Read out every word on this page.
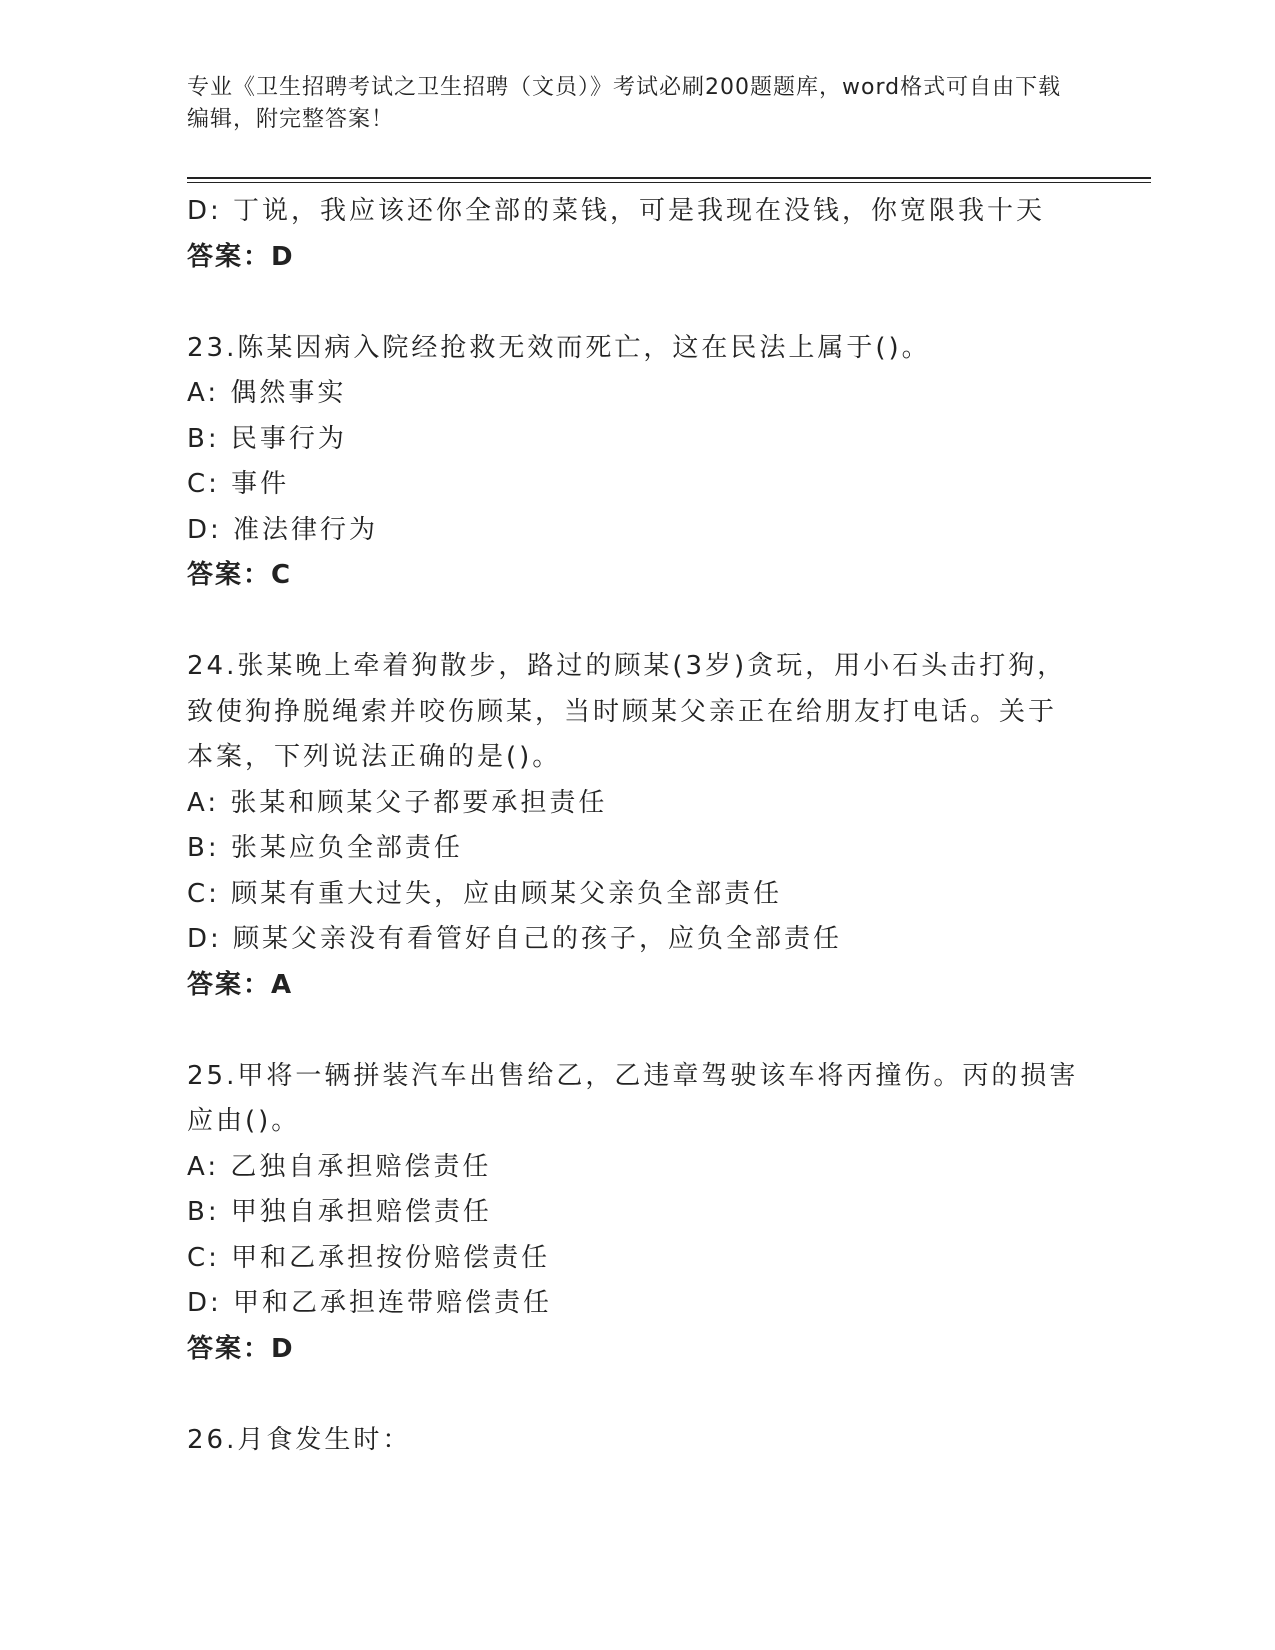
专业《卫生招聘考试之卫生招聘（文员）》考试必刷200题题库，word格式可自由下载编辑，附完整答案！
D: 丁说，我应该还你全部的菜钱，可是我现在没钱，你宽限我十天
答案：D
23.陈某因病入院经抢救无效而死亡，这在民法上属于()。
A: 偶然事实
B: 民事行为
C: 事件
D: 准法律行为
答案：C
24.张某晚上牵着狗散步，路过的顾某(3岁)贪玩，用小石头击打狗，
致使狗挣脱绳索并咬伤顾某，当时顾某父亲正在给朋友打电话。关于
本案，下列说法正确的是()。
A: 张某和顾某父子都要承担责任
B: 张某应负全部责任
C: 顾某有重大过失，应由顾某父亲负全部责任
D: 顾某父亲没有看管好自己的孩子，应负全部责任
答案：A
25.甲将一辆拼装汽车出售给乙，乙违章驾驶该车将丙撞伤。丙的损害
应由()。
A: 乙独自承担赔偿责任
B: 甲独自承担赔偿责任
C: 甲和乙承担按份赔偿责任
D: 甲和乙承担连带赔偿责任
答案：D
26.月食发生时：
